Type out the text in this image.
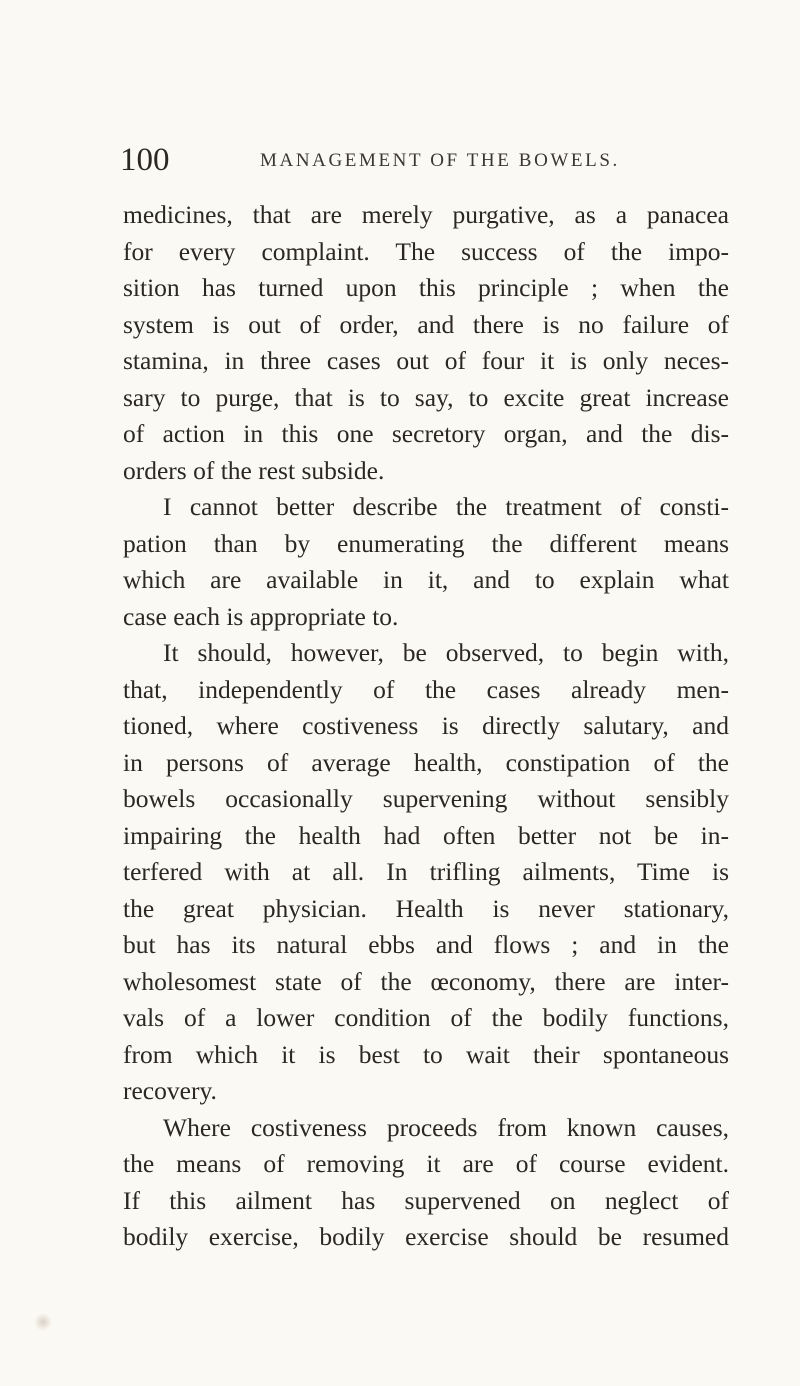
100	MANAGEMENT OF THE BOWELS.
medicines, that are merely purgative, as a panacea
for every complaint. The success of the impo-
sition has turned upon this principle ; when the
system is out of order, and there is no failure of
stamina, in three cases out of four it is only neces-
sary to purge, that is to say, to excite great increase
of action in this one secretory organ, and the dis-
orders of the rest subside.
I cannot better describe the treatment of consti-
pation than by enumerating the different means
which are available in it, and to explain what
case each is appropriate to.
It should, however, be observed, to begin with,
that, independently of the cases already men-
tioned, where costiveness is directly salutary, and
in persons of average health, constipation of the
bowels occasionally supervening without sensibly
impairing the health had often better not be in-
terfered with at all. In trifling ailments, Time is
the great physician. Health is never stationary,
but has its natural ebbs and flows ; and in the
wholesomest state of the œconomy, there are inter-
vals of a lower condition of the bodily functions,
from which it is best to wait their spontaneous
recovery.
Where costiveness proceeds from known causes,
the means of removing it are of course evident.
If this ailment has supervened on neglect of
bodily exercise, bodily exercise should be resumed
